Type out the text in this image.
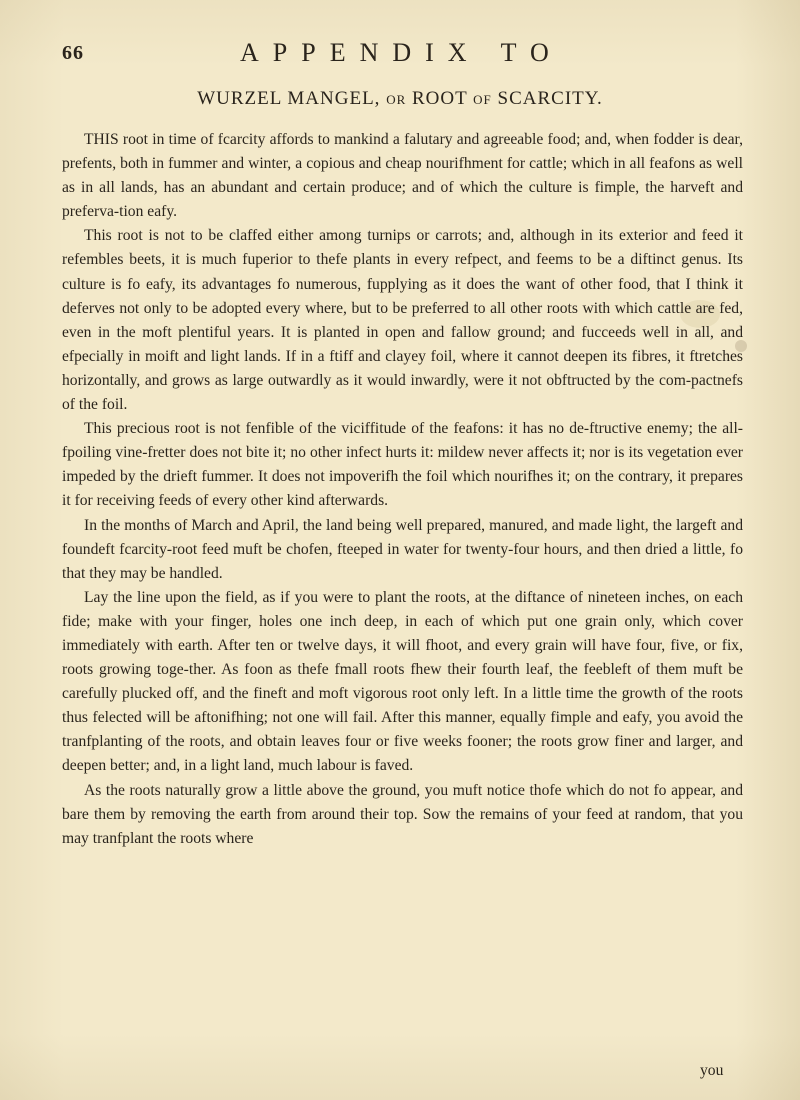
66	APPENDIX TO
WURZEL MANGEL, OR ROOT OF SCARCITY.

THIS root in time of fcarcity affords to mankind a falutary and agreeable food; and, when fodder is dear, prefents, both in fummer and winter, a copious and cheap nourifhment for cattle; which in all feafons as well as in all lands, has an abundant and certain produce; and of which the culture is fimple, the harveft and preferva-tion eafy.

This root is not to be claffed either among turnips or carrots; and, although in its exterior and feed it refembles beets, it is much fuperior to thefe plants in every refpect, and feems to be a diftinct genus. Its culture is fo eafy, its advantages fo numerous, fupplying as it does the want of other food, that I think it deferves not only to be adopted every where, but to be preferred to all other roots with which cattle are fed, even in the moft plentiful years. It is planted in open and fallow ground; and fucceeds well in all, and efpecially in moift and light lands. If in a ftiff and clayey foil, where it cannot deepen its fibres, it ftretches horizontally, and grows as large outwardly as it would inwardly, were it not obftructed by the com-pactnefs of the foil.

This precious root is not fenfible of the viciffitude of the feafons: it has no de-ftructive enemy; the all-fpoiling vine-fretter does not bite it; no other infect hurts it: mildew never affects it; nor is its vegetation ever impeded by the drieft fummer. It does not impoverifh the foil which nourifhes it; on the contrary, it prepares it for receiving feeds of every other kind afterwards.

In the months of March and April, the land being well prepared, manured, and made light, the largeft and foundeft fcarcity-root feed muft be chofen, fteeped in water for twenty-four hours, and then dried a little, fo that they may be handled.

Lay the line upon the field, as if you were to plant the roots, at the diftance of nineteen inches, on each fide; make with your finger, holes one inch deep, in each of which put one grain only, which cover immediately with earth. After ten or twelve days, it will fhoot, and every grain will have four, five, or fix, roots growing toge-ther. As foon as thefe fmall roots fhew their fourth leaf, the feebleft of them muft be carefully plucked off, and the fineft and moft vigorous root only left. In a little time the growth of the roots thus felected will be aftonifhing; not one will fail. After this manner, equally fimple and eafy, you avoid the tranfplanting of the roots, and obtain leaves four or five weeks fooner; the roots grow finer and larger, and deepen better; and, in a light land, much labour is faved.

As the roots naturally grow a little above the ground, you muft notice thofe which do not fo appear, and bare them by removing the earth from around their top. Sow the remains of your feed at random, that you may tranfplant the roots where

you
